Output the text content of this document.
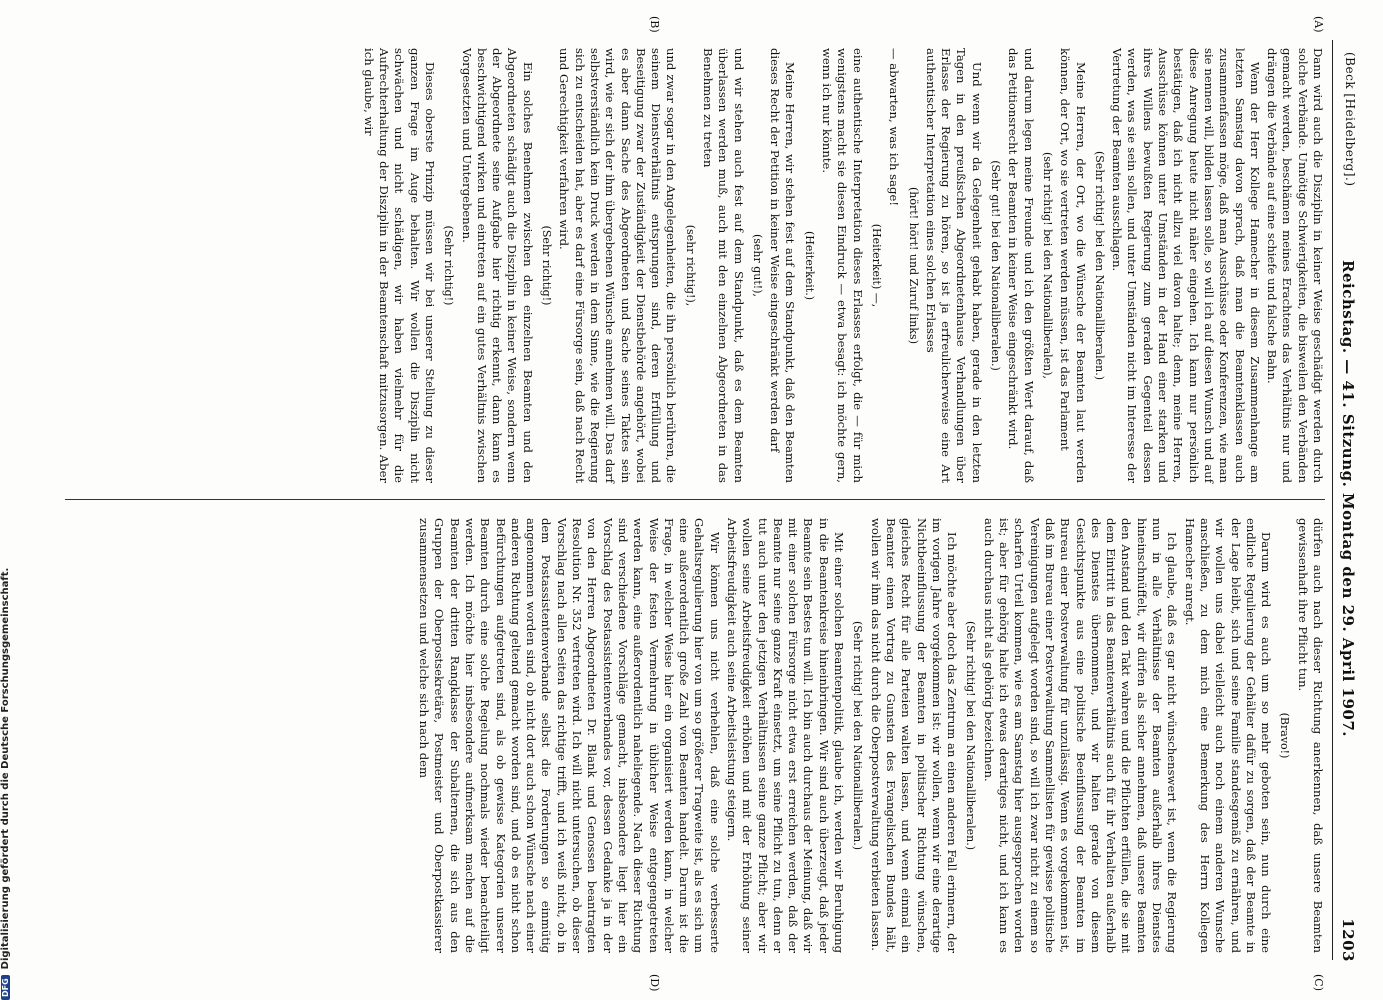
(Beck [Heidelberg].)
Reichstag. — 41. Sitzung. Montag den 29. April 1907.
1203
(A)
(B)
(C)
(D)

Dann wird auch die Disziplin in keiner Weise geschädigt werden durch solche Verbände. Unnötige Schwierigkeiten, die bisweilen den Verbänden gemacht werden, beschämen meines Erachtens das Verhältnis nur und drängen die Verbände auf eine schiefe und falsche Bahn.

Wenn der Herr Kollege Hamecher in diesem Zusammenhange am letzten Samstag davon sprach, daß man die Beamtenklassen auch zusammenfassen möge, daß man Ausschüsse oder Konferenzen, wie man sie nennen will, bilden lassen solle, so will ich auf diesen Wunsch und auf diese Anregung heute nicht näher eingehen. Ich kann nur persönlich bestätigen, daß ich nicht allzu viel davon halte; denn, meine Herren, Ausschüsse können unter Umständen in der Hand einer starken und ihres Willens bewußten Regierung zum geraden Gegenteil dessen werden, was sie sein sollen, und unter Umständen nicht im Interesse der Vertretung der Beamten ausschlagen.

(Sehr richtig! bei den Nationalliberalen.)

Meine Herren, der Ort, wo die Wünsche der Beamten laut werden können, der Ort, wo sie vertreten werden müssen, ist das Parlament

(sehr richtig! bei den Nationalliberalen),

und darum legen meine Freunde und ich den größten Wert darauf, daß das Petitionsrecht der Beamten in keiner Weise eingeschränkt wird.

(Sehr gut! bei den Nationalliberalen.)

Und wenn wir da Gelegenheit gehabt haben, gerade in den letzten Tagen in den preußischen Abgeordnetenhause Verhandlungen über Erlasse der Regierung zu hören, so ist ja erfreulicherweise eine Art authentischer Interpretation eines solchen Erlasses

(hört! hört! und Zuruf links)

— abwarten, was ich sage!

(Heiterkeit) —,

eine authentische Interpretation dieses Erlasses erfolgt, die — für mich wenigstens macht sie diesen Eindruck — etwa besagt: ich möchte gern, wenn ich nur könnte.

(Heiterkeit.)

Meine Herren, wir stehen fest auf dem Standpunkt, daß den Beamten dieses Recht der Petition in keiner Weise eingeschränkt werden darf

(sehr gut!),

und wir stehen auch fest auf dem Standpunkt, daß es dem Beamten überlassen werden muß, auch mit den einzelnen Abgeordneten in das Benehmen zu treten

(sehr richtig!),

und zwar sogar in den Angelegenheiten, die ihn persönlich berühren, die seinem Dienstverhältnis entsprungen sind, deren Erfüllung und Beseitigung zwar der Zuständigkeit der Dienstbehörde angehört, wobei es aber dann Sache des Abgeordneten und Sache seines Taktes sein wird, wie er sich der ihm übergebenen Wünsche annehmen will. Das darf selbstverständlich kein Druck werden in dem Sinne, wie die Regierung sich zu entscheiden hat, aber es darf eine Fürsorge sein, daß nach Recht und Gerechtigkeit verfahren wird.

(Sehr richtig!)

Ein solches Benehmen zwischen den einzelnen Beamten und den Abgeordneten schädigt auch die Disziplin in keiner Weise, sondern wenn der Abgeordnete seine Aufgabe hier richtig erkennt, dann kann es beschwichtigend wirken und eintreten auf ein gutes Verhältnis zwischen Vorgesetzten und Untergebenen.

(Sehr richtig!)

Dieses oberste Prinzip müssen wir bei unserer Stellung zu dieser ganzen Frage im Auge behalten. Wir wollen die Disziplin nicht schwächen und nicht schädigen, wir haben vielmehr für die Aufrechterhaltung der Disziplin in der Beamtenschaft mitzusorgen. Aber ich glaube, wir

dürfen auch nach dieser Richtung anerkennen, daß unsere Beamten gewissenhaft ihre Pflicht tun.

(Bravo!)

Darum wird es auch um so mehr geboten sein, nun durch eine endliche Regulierung der Gehälter dafür zu sorgen, daß der Beamte in der Lage bleibt, sich und seine Familie standesgemäß zu ernähren, und wir wollen uns dabei vielleicht auch noch einem anderen Wunsche anschließen, zu dem mich eine Bemerkung des Herrn Kollegen Hamecher anregt.

Ich glaube, daß es gar nicht wünschenswert ist, wenn die Regierung nun in alle Verhältnisse der Beamten außerhalb ihres Dienstes hineinschnüffelt, wir dürfen als sicher annehmen, daß unsere Beamten den Anstand und den Takt wahren und die Pflichten erfüllen, die sie mit dem Eintritt in das Beamtenverhältnis auch für ihr Verhalten außerhalb des Dienstes übernommen, und wir halten gerade von diesem Gesichtspunkte aus eine politische Beeinflussung der Beamten im Bureau einer Postverwaltung für unzulässig. Wenn es vorgekommen ist, daß im Bureau einer Postverwaltung Sammellisten für gewisse politische Vereinigungen aufgelegt worden sind, so will ich zwar nicht zu einem so scharfen Urteil kommen, wie es am Samstag hier ausgesprochen worden ist; aber für gehörig halte ich etwas derartiges nicht, und ich kann es auch durchaus nicht als gehörig bezeichnen.

(Sehr richtig! bei den Nationalliberalen.)

Ich möchte aber doch das Zentrum an einen anderen Fall erinnern, der im vorigen Jahre vorgekommen ist: wir wollen, wenn wir eine derartige Nichtbeeinflussung der Beamten in politischer Richtung wünschen, gleiches Recht für alle Parteien walten lassen, und wenn einmal ein Beamter einen Vortrag zu Gunsten des Evangelischen Bundes hält, wollen wir ihm das nicht durch die Oberpostverwaltung verbieten lassen.

(Sehr richtig! bei den Nationalliberalen.)

Mit einer solchen Beamtenpolitik, glaube ich, werden wir Beruhigung in die Beamtenkreise hineinbringen. Wir sind auch überzeugt, daß jeder Beamte sein Bestes tun will. Ich bin auch durchaus der Meinung, daß wir mit einer solchen Fürsorge nicht etwa erst erreichen werden, daß der Beamte nur seine ganze Kraft einsetzt, um seine Pflicht zu tun, denn er tut auch unter den jetzigen Verhältnissen seine ganze Pflicht; aber wir wollen seine Arbeitsfreudigkeit erhöhen und mit der Erhöhung seiner Arbeitsfreudigkeit auch seine Arbeitsleistung steigern.

Wir können uns nicht verhehlen, daß eine solche verbesserte Gehaltsregulierung hier von um so größerer Tragweite ist, als es sich um eine außerordentlich große Zahl von Beamten handelt. Darum ist die Frage, in welcher Weise hier ein organisiert werden kann, in welcher Weise der festen Vermehrung in üblicher Weise entgegengetreten werden kann, eine außerordentlich naheliegende. Nach dieser Richtung sind verschiedene Vorschläge gemacht, insbesondere liegt hier ein Vorschlag des Postassistentenverbandes vor, dessen Gedanke ja in der von den Herren Abgeordneten Dr. Blank und Genossen beantragten Resolution Nr. 352 vertreten wird. Ich will nicht untersuchen, ob dieser Vorschlag nach allen Seiten das richtige trifft, und ich weiß nicht, ob in dem Postassistentenverbande selbst die Forderungen so einmütig angenommen worden sind, ob nicht dort auch schon Wünsche nach einer anderen Richtung geltend gemacht worden sind, und ob es nicht schon Befürchtungen aufgetreten sind, als ob gewisse Kategorien unserer Beamten durch eine solche Regelung nochmals wieder benachteiligt werden. Ich möchte hier insbesondere aufmerksam machen auf die Beamten der dritten Rangklasse der Subalternen, die sich aus den Gruppen der Oberpostsekretäre, Postmeister und Oberpostkassierer zusammensetzen und welche sich nach dem

DFGDigitalisierung gefördert durch die Deutsche Forschungsgemeinschaft.
